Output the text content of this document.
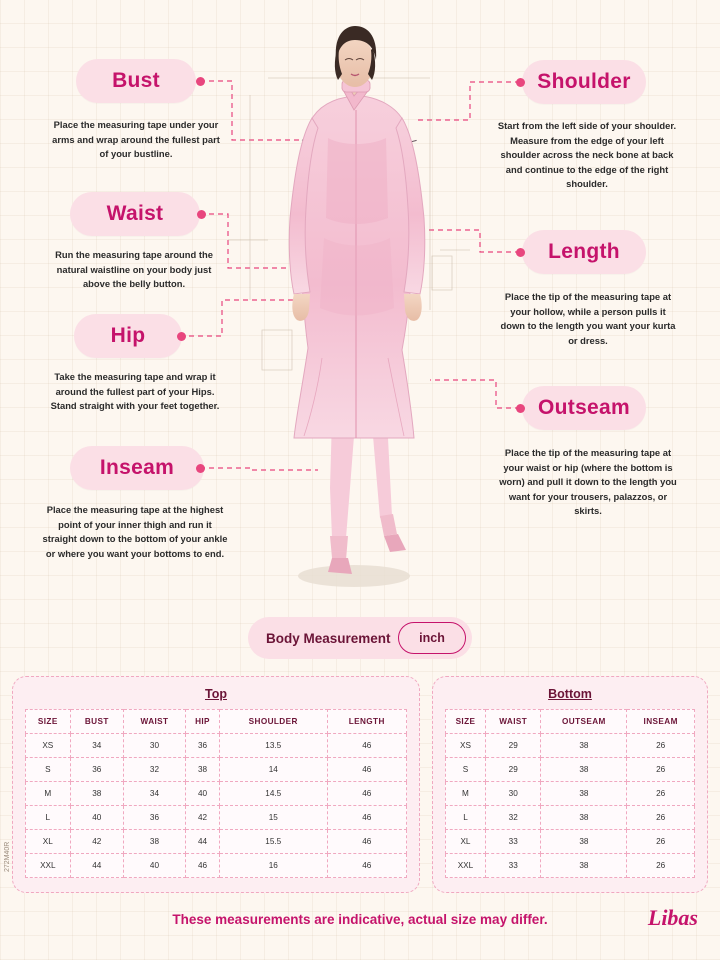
Bust
Place the measuring tape under your arms and wrap around the fullest part of your bustline.
Waist
Run the measuring tape around the natural waistline on your body just above the belly button.
Hip
Take the measuring tape and wrap it around the fullest part of your Hips. Stand straight with your feet together.
Inseam
Place the measuring tape at the highest point of your inner thigh and run it straight down to the bottom of your ankle or where you want your bottoms to end.
Shoulder
Start from the left side of your shoulder. Measure from the edge of your left shoulder across the neck bone at back and continue to the edge of the right shoulder.
Length
Place the tip of the measuring tape at your hollow, while a person pulls it down to the length you want your kurta or dress.
Outseam
Place the tip of the measuring tape at your waist or hip (where the bottom is worn) and pull it down to the length you want for your trousers, palazzos, or skirts.
Body Measurement inch
Top
SIZE	BUST	WAIST	HIP	SHOULDER	LENGTH
XS	34	30	36	13.5	46
S	36	32	38	14	46
M	38	34	40	14.5	46
L	40	36	42	15	46
XL	42	38	44	15.5	46
XXL	44	40	46	16	46
Bottom
SIZE	WAIST	OUTSEAM	INSEAM
XS	29	38	26
S	29	38	26
M	30	38	26
L	32	38	26
XL	33	38	26
XXL	33	38	26
These measurements are indicative, actual size may differ.	Libas
272M40R
